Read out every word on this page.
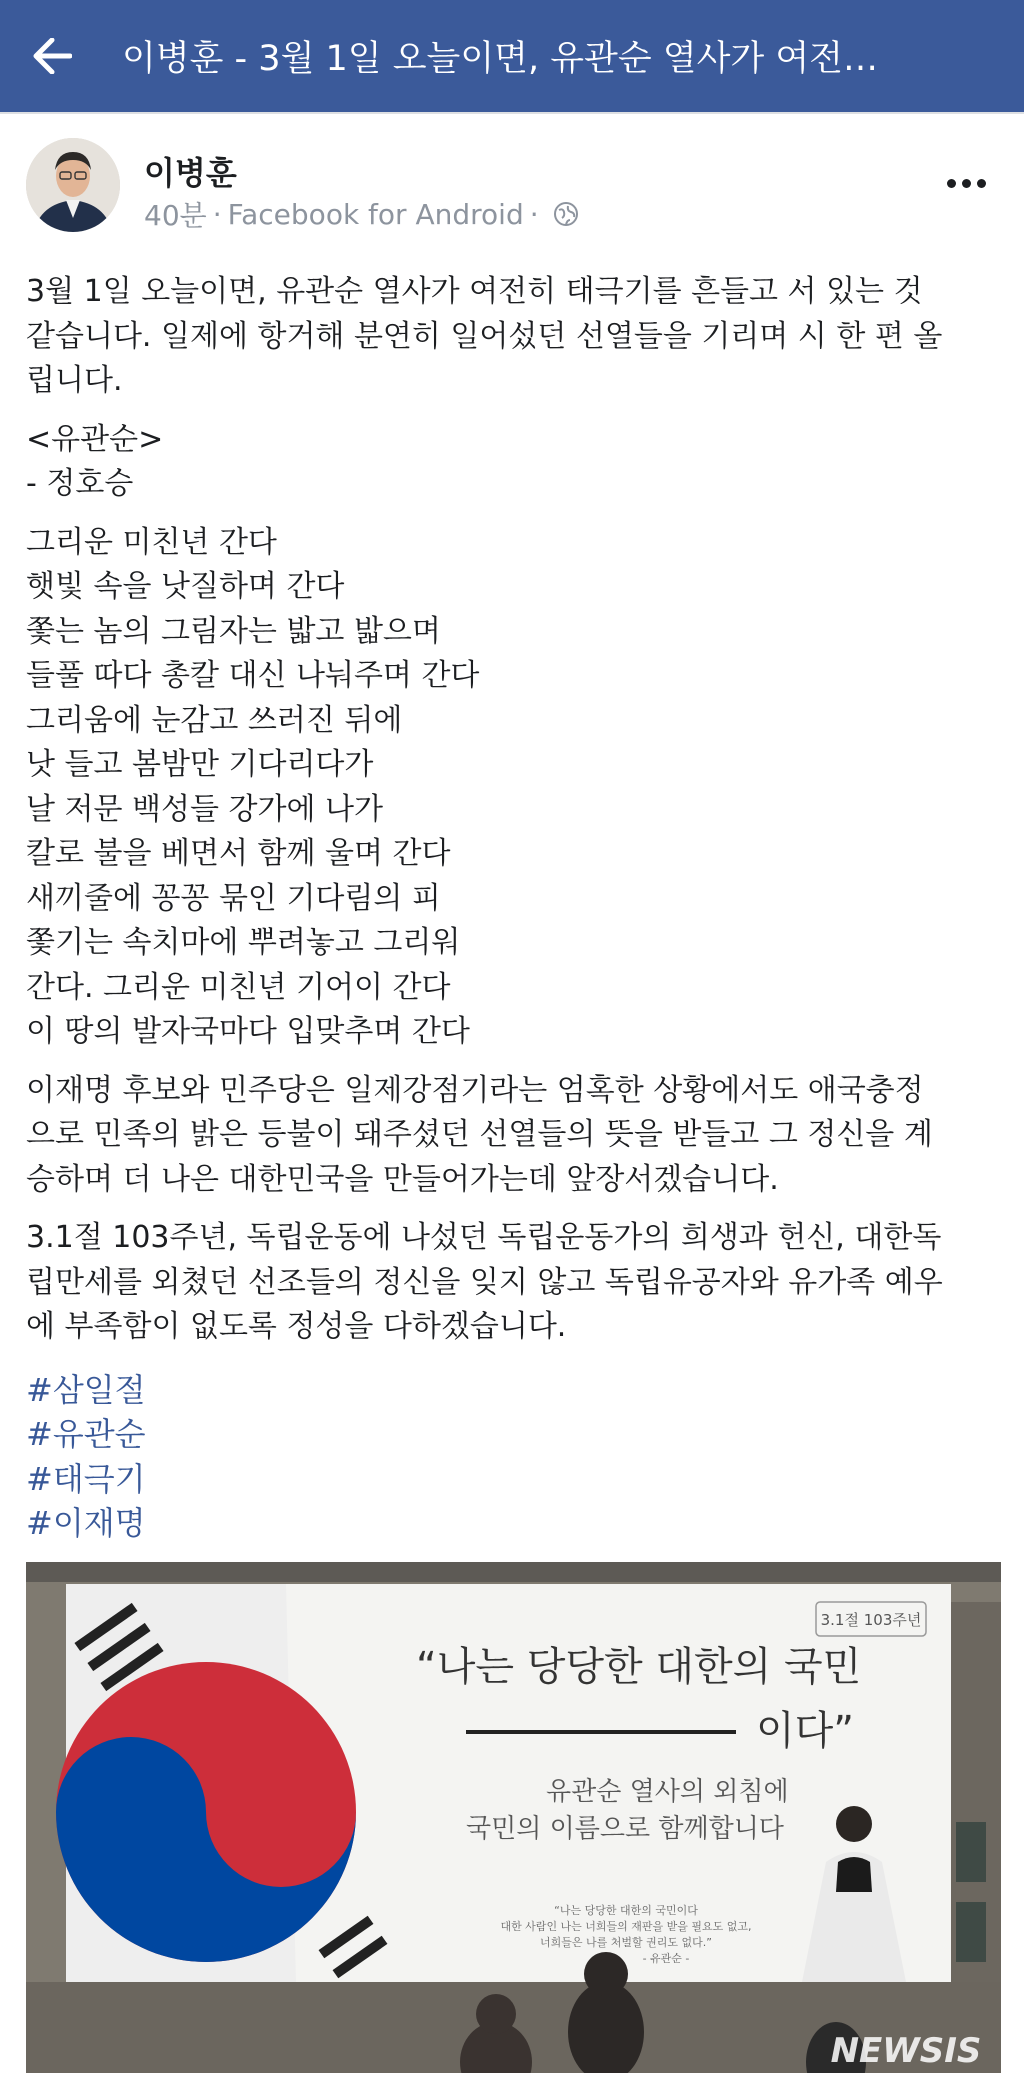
이병훈 - 3월 1일 오늘이면, 유관순 열사가 여전…
이병훈
40분 · Facebook for Android ·
3월 1일 오늘이면, 유관순 열사가 여전히 태극기를 흔들고 서 있는 것
같습니다. 일제에 항거해 분연히 일어섰던 선열들을 기리며 시 한 편 올
립니다.
<유관순>
- 정호승
그리운 미친년 간다
햇빛 속을 낫질하며 간다
쫓는 놈의 그림자는 밟고 밟으며
들풀 따다 총칼 대신 나눠주며 간다
그리움에 눈감고 쓰러진 뒤에
낫 들고 봄밤만 기다리다가
날 저문 백성들 강가에 나가
칼로 불을 베면서 함께 울며 간다
새끼줄에 꽁꽁 묶인 기다림의 피
쫓기는 속치마에 뿌려놓고 그리워
간다. 그리운 미친년 기어이 간다
이 땅의 발자국마다 입맞추며 간다
이재명 후보와 민주당은 일제강점기라는 엄혹한 상황에서도 애국충정
으로 민족의 밝은 등불이 돼주셨던 선열들의 뜻을 받들고 그 정신을 계
승하며 더 나은 대한민국을 만들어가는데 앞장서겠습니다.
3.1절 103주년, 독립운동에 나섰던 독립운동가의 희생과 헌신, 대한독
립만세를 외쳤던 선조들의 정신을 잊지 않고 독립유공자와 유가족 예우
에 부족함이 없도록 정성을 다하겠습니다.
#삼일절
#유관순
#태극기
#이재명
3.1절 103주년
“나는 당당한 대한의 국민
이다”
유관순 열사의 외침에
국민의 이름으로 함께합니다
“나는 당당한 대한의 국민이다
대한 사람인 나는 너희들의 재판을 받을 필요도 없고,
너희들은 나를 처벌할 권리도 없다.”
- 유관순 -
NEWSIS
